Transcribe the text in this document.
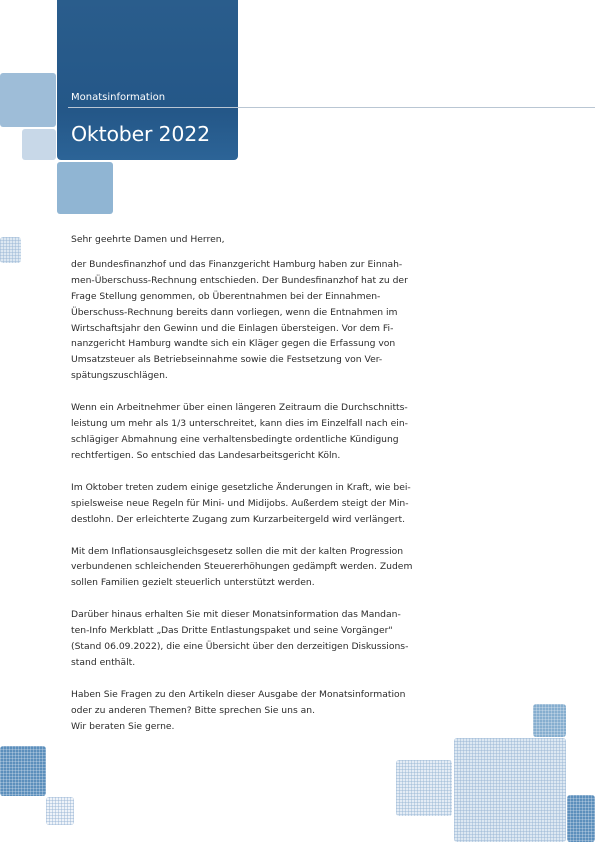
Monatsinformation
Oktober 2022

Sehr geehrte Damen und Herren,

der Bundesfinanzhof und das Finanzgericht Hamburg haben zur Einnah-
men-Überschuss-Rechnung entschieden. Der Bundesfinanzhof hat zu der
Frage Stellung genommen, ob Überentnahmen bei der Einnahmen-
Überschuss-Rechnung bereits dann vorliegen, wenn die Entnahmen im
Wirtschaftsjahr den Gewinn und die Einlagen übersteigen. Vor dem Fi-
nanzgericht Hamburg wandte sich ein Kläger gegen die Erfassung von
Umsatzsteuer als Betriebseinnahme sowie die Festsetzung von Ver-
spätungszuschlägen.

Wenn ein Arbeitnehmer über einen längeren Zeitraum die Durchschnitts-
leistung um mehr als 1/3 unterschreitet, kann dies im Einzelfall nach ein-
schlägiger Abmahnung eine verhaltensbedingte ordentliche Kündigung
rechtfertigen. So entschied das Landesarbeitsgericht Köln.

Im Oktober treten zudem einige gesetzliche Änderungen in Kraft, wie bei-
spielsweise neue Regeln für Mini- und Midijobs. Außerdem steigt der Min-
destlohn. Der erleichterte Zugang zum Kurzarbeitergeld wird verlängert.

Mit dem Inflationsausgleichsgesetz sollen die mit der kalten Progression
verbundenen schleichenden Steuererhöhungen gedämpft werden. Zudem
sollen Familien gezielt steuerlich unterstützt werden.

Darüber hinaus erhalten Sie mit dieser Monatsinformation das Mandan-
ten-Info Merkblatt „Das Dritte Entlastungspaket und seine Vorgänger"
(Stand 06.09.2022), die eine Übersicht über den derzeitigen Diskussions-
stand enthält.

Haben Sie Fragen zu den Artikeln dieser Ausgabe der Monatsinformation
oder zu anderen Themen? Bitte sprechen Sie uns an.
Wir beraten Sie gerne.
